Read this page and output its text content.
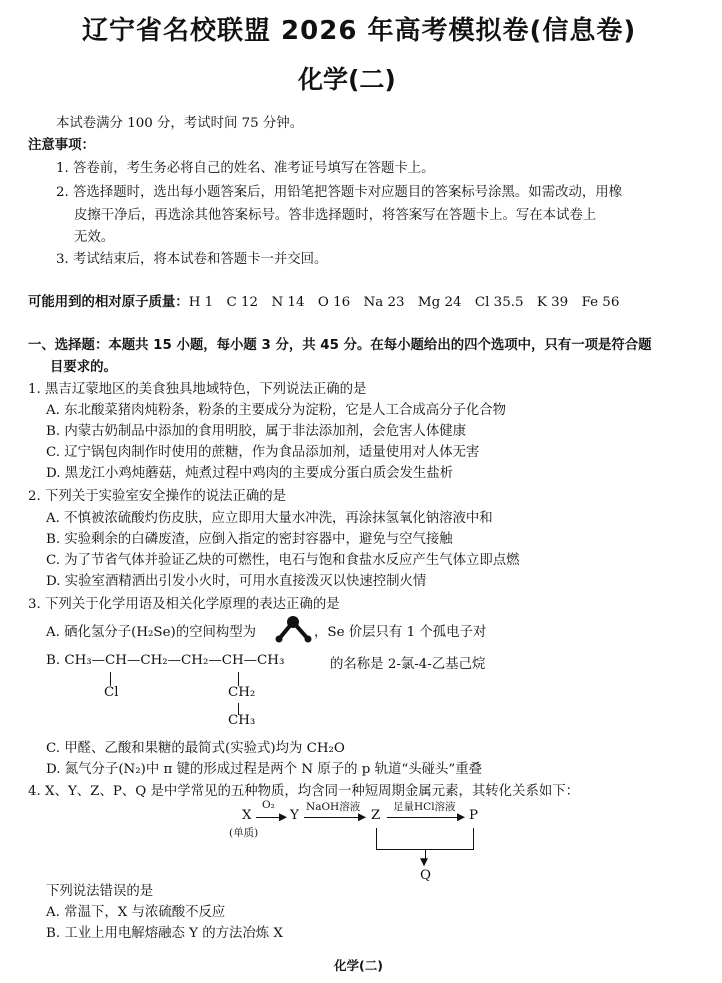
辽宁省名校联盟 2026 年高考模拟卷(信息卷)
化学(二)
本试卷满分 100 分，考试时间 75 分钟。
注意事项：
1. 答卷前，考生务必将自己的姓名、准考证号填写在答题卡上。
2. 答选择题时，选出每小题答案后，用铅笔把答题卡对应题目的答案标号涂黑。如需改动，用橡
皮擦干净后，再选涂其他答案标号。答非选择题时，将答案写在答题卡上。写在本试卷上
无效。
3. 考试结束后，将本试卷和答题卡一并交回。
可能用到的相对原子质量：H 1　C 12　N 14　O 16　Na 23　Mg 24　Cl 35.5　K 39　Fe 56
一、选择题：本题共 15 小题，每小题 3 分，共 45 分。在每小题给出的四个选项中，只有一项是符合题
目要求的。
1. 黑吉辽蒙地区的美食独具地域特色，下列说法正确的是
A. 东北酸菜猪肉炖粉条，粉条的主要成分为淀粉，它是人工合成高分子化合物
B. 内蒙古奶制品中添加的食用明胶，属于非法添加剂，会危害人体健康
C. 辽宁锅包肉制作时使用的蔗糖，作为食品添加剂，适量使用对人体无害
D. 黑龙江小鸡炖蘑菇，炖煮过程中鸡肉的主要成分蛋白质会发生盐析
2. 下列关于实验室安全操作的说法正确的是
A. 不慎被浓硫酸灼伤皮肤，应立即用大量水冲洗，再涂抹氢氧化钠溶液中和
B. 实验剩余的白磷废渣，应倒入指定的密封容器中，避免与空气接触
C. 为了节省气体并验证乙炔的可燃性，电石与饱和食盐水反应产生气体立即点燃
D. 实验室酒精洒出引发小火时，可用水直接泼灭以快速控制火情
3. 下列关于化学用语及相关化学原理的表达正确的是
A. 硒化氢分子(H₂Se)的空间构型为	，Se 价层只有 1 个孤电子对
B. CH₃—CH—CH₂—CH₂—CH—CH₃	的名称是 2-氯-4-乙基己烷
Cl	CH₂
CH₃
C. 甲醛、乙酸和果糖的最简式(实验式)均为 CH₂O
D. 氮气分子(N₂)中 π 键的形成过程是两个 N 原子的 p 轨道“头碰头”重叠
4. X、Y、Z、P、Q 是中学常见的五种物质，均含同一种短周期金属元素，其转化关系如下：
X
(单质)
O₂
▶ Y
NaOH溶液
▶ Z
足量HCl溶液
▶ P
▼
Q
下列说法错误的是
A. 常温下，X 与浓硫酸不反应
B. 工业上用电解熔融态 Y 的方法冶炼 X
化学(二)
